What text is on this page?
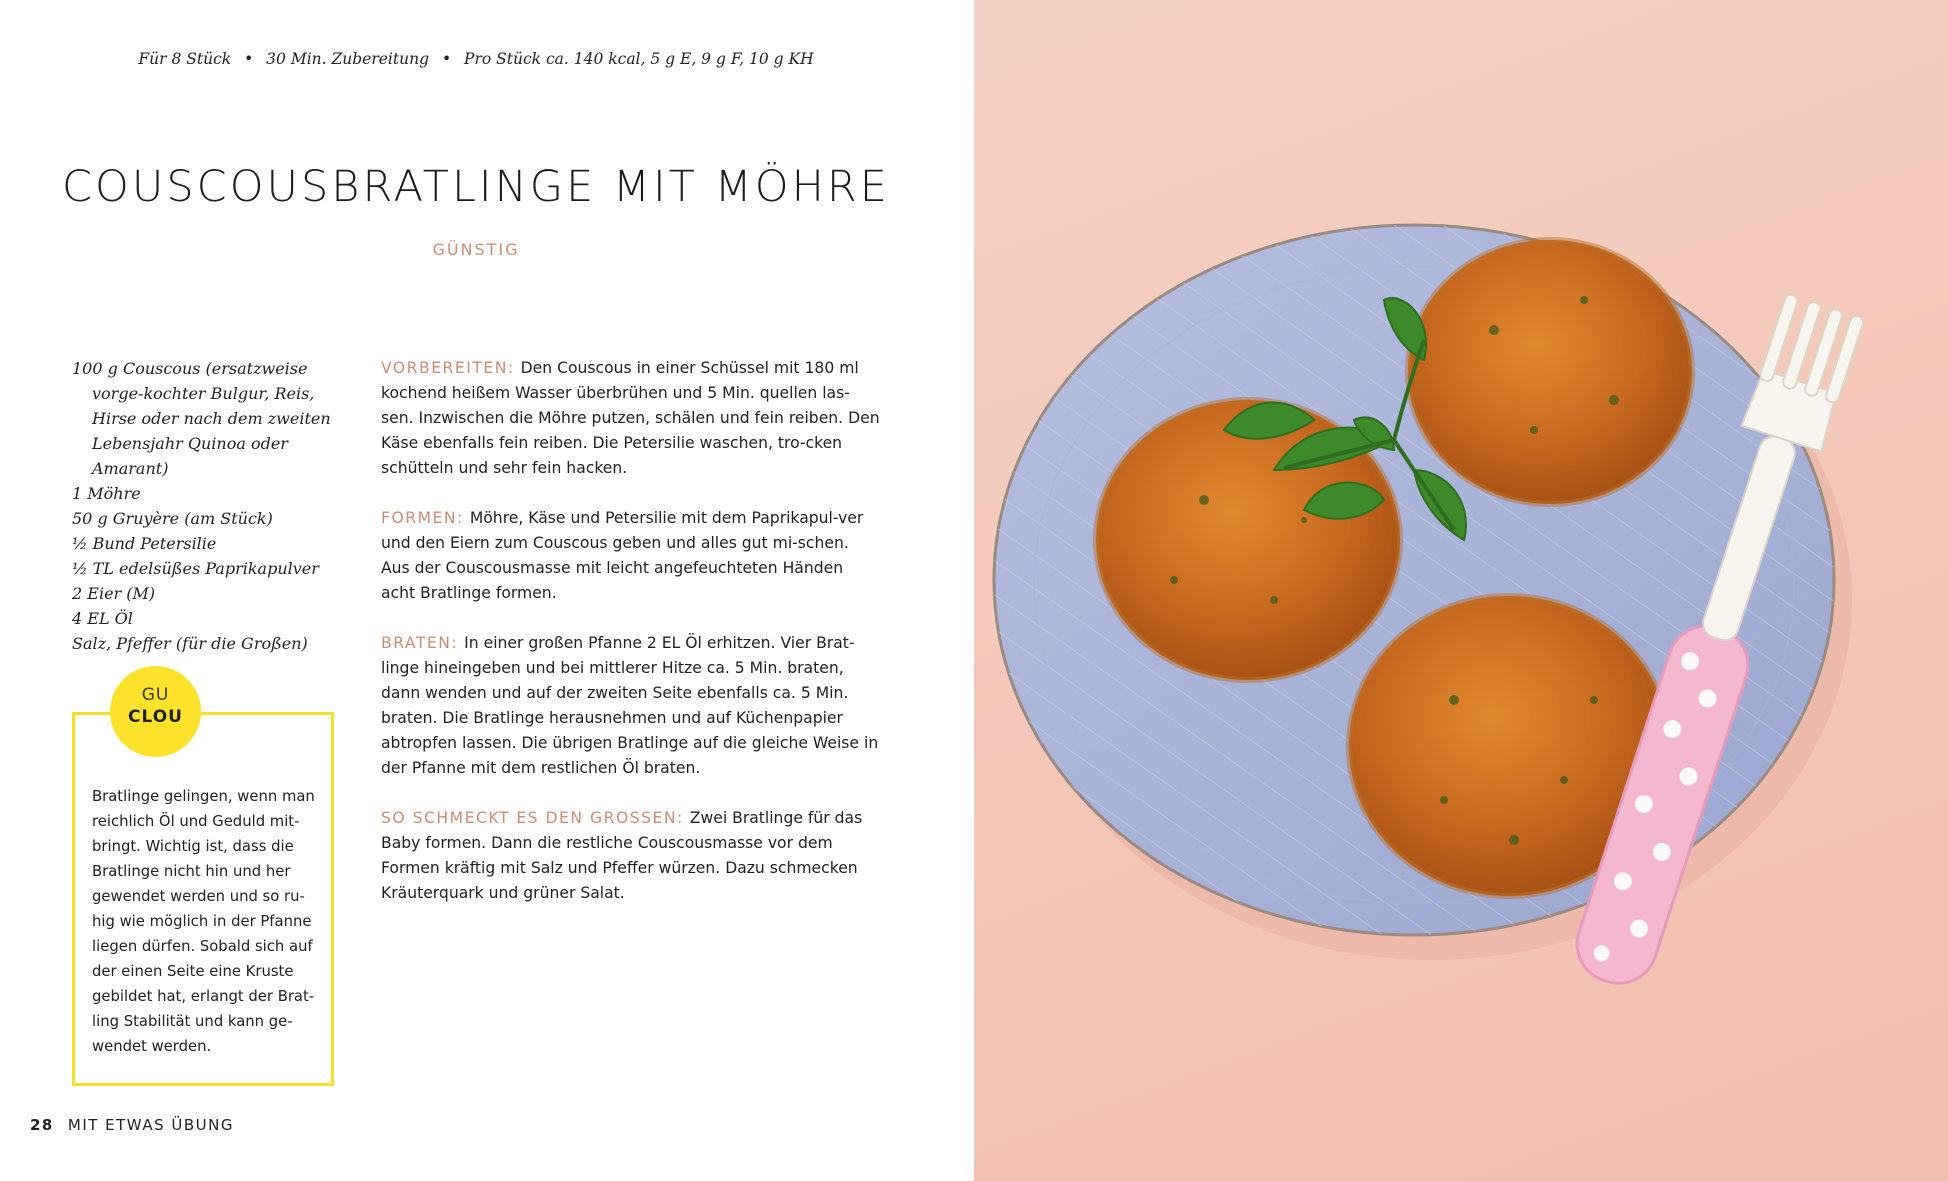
Für 8 Stück • 30 Min. Zubereitung • Pro Stück ca. 140 kcal, 5 g E, 9 g F, 10 g KH
COUSCOUSBRATLINGE MIT MÖHRE
GÜNSTIG
100 g Couscous (ersatzweise vorge-kochter Bulgur, Reis, Hirse oder nach dem zweiten Lebensjahr Quinoa oder Amarant)
1 Möhre
50 g Gruyère (am Stück)
½ Bund Petersilie
½ TL edelsüßes Paprikapulver
2 Eier (M)
4 EL Öl
Salz, Pfeffer (für die Großen)
GU
CLOU
Bratlinge gelingen, wenn man reichlich Öl und Geduld mit-bringt. Wichtig ist, dass die Bratlinge nicht hin und her gewendet werden und so ru-hig wie möglich in der Pfanne liegen dürfen. Sobald sich auf der einen Seite eine Kruste gebildet hat, erlangt der Brat-ling Stabilität und kann ge-wendet werden.

VORBEREITEN: Den Couscous in einer Schüssel mit 180 ml kochend heißem Wasser überbrühen und 5 Min. quellen las-sen. Inzwischen die Möhre putzen, schälen und fein reiben. Den Käse ebenfalls fein reiben. Die Petersilie waschen, tro-cken schütteln und sehr fein hacken.

FORMEN: Möhre, Käse und Petersilie mit dem Paprikapul-ver und den Eiern zum Couscous geben und alles gut mi-schen. Aus der Couscousmasse mit leicht angefeuchteten Händen acht Bratlinge formen.

BRATEN: In einer großen Pfanne 2 EL Öl erhitzen. Vier Brat-linge hineingeben und bei mittlerer Hitze ca. 5 Min. braten, dann wenden und auf der zweiten Seite ebenfalls ca. 5 Min. braten. Die Bratlinge herausnehmen und auf Küchenpapier abtropfen lassen. Die übrigen Bratlinge auf die gleiche Weise in der Pfanne mit dem restlichen Öl braten.

SO SCHMECKT ES DEN GROSSEN: Zwei Bratlinge für das Baby formen. Dann die restliche Couscousmasse vor dem Formen kräftig mit Salz und Pfeffer würzen. Dazu schmecken Kräuterquark und grüner Salat.

28 MIT ETWAS ÜBUNG
